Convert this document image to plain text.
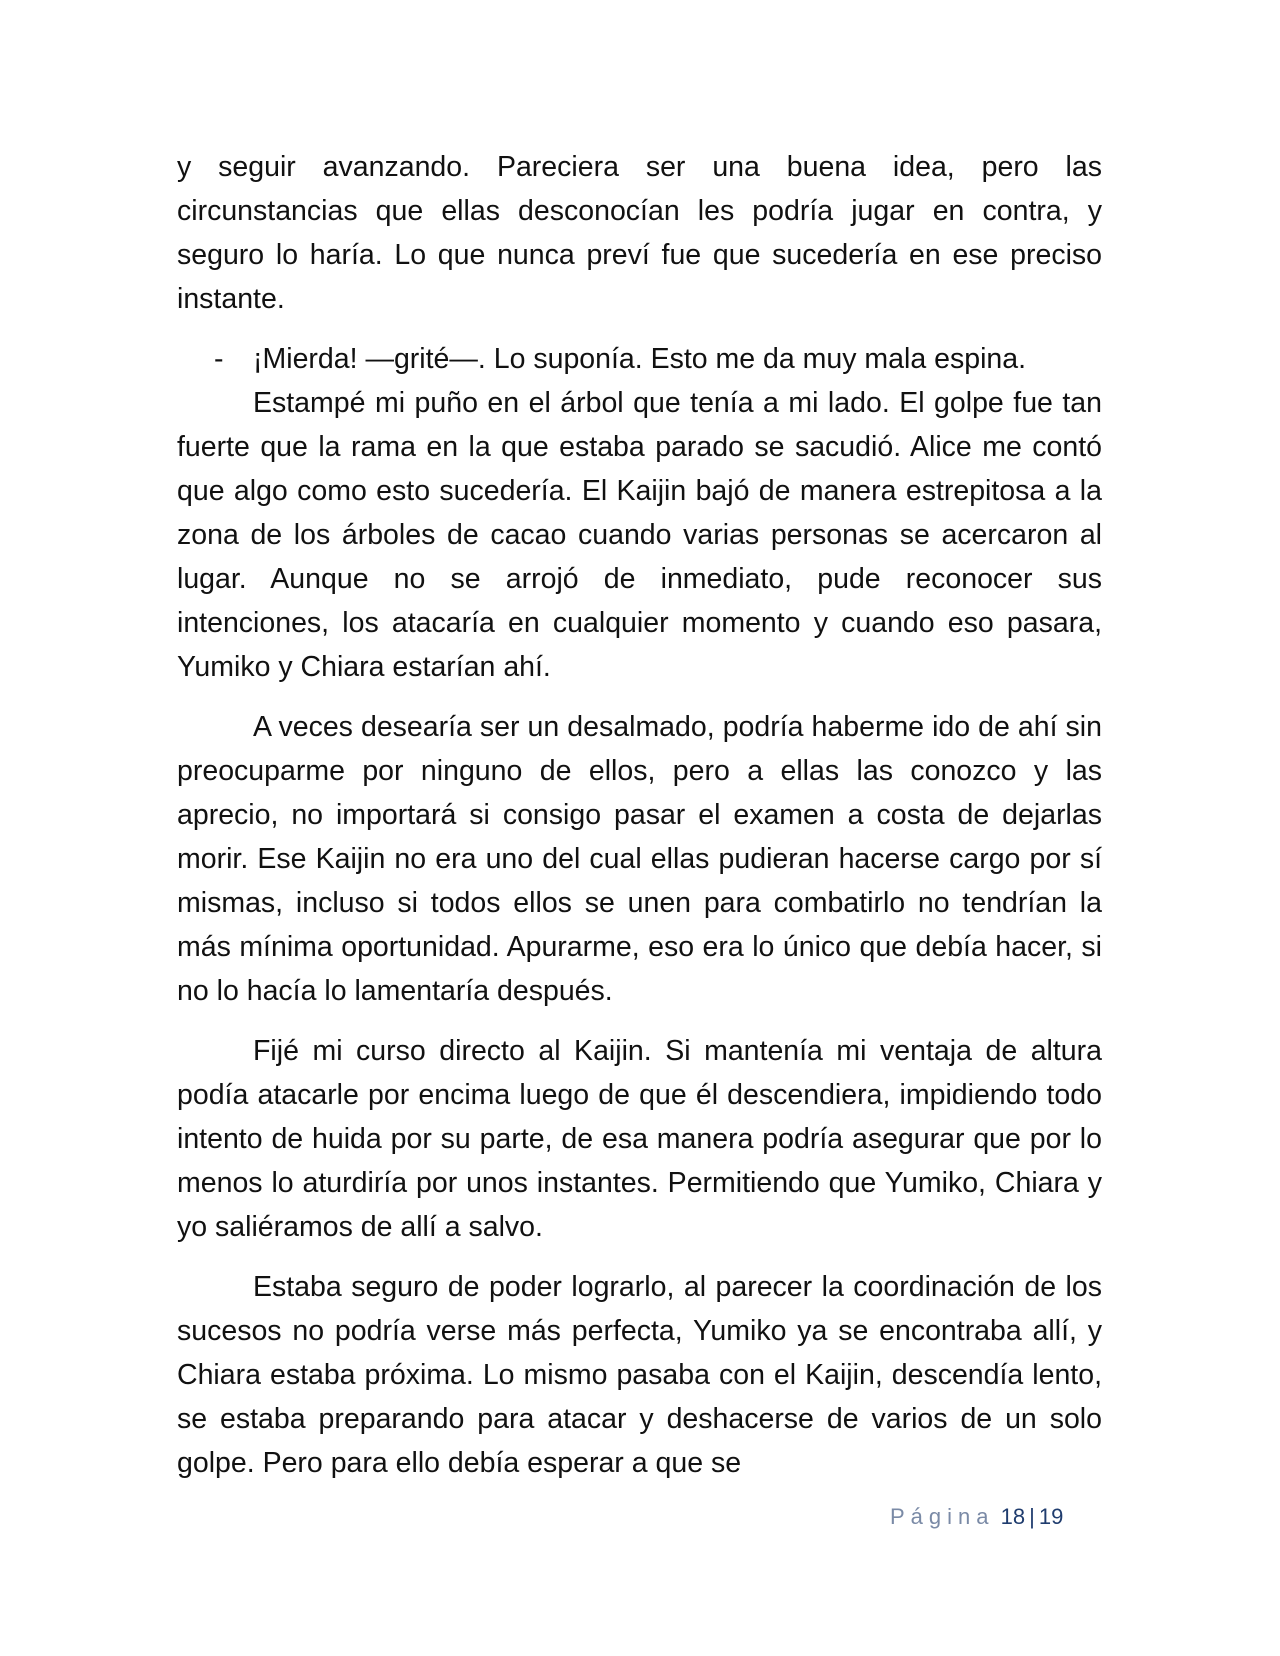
y seguir avanzando. Pareciera ser una buena idea, pero las circunstancias que ellas desconocían les podría jugar en contra, y seguro lo haría. Lo que nunca preví fue que sucedería en ese preciso instante.

- ¡Mierda! —grité—. Lo suponía. Esto me da muy mala espina.

Estampé mi puño en el árbol que tenía a mi lado. El golpe fue tan fuerte que la rama en la que estaba parado se sacudió. Alice me contó que algo como esto sucedería. El Kaijin bajó de manera estrepitosa a la zona de los árboles de cacao cuando varias personas se acercaron al lugar. Aunque no se arrojó de inmediato, pude reconocer sus intenciones, los atacaría en cualquier momento y cuando eso pasara, Yumiko y Chiara estarían ahí.

A veces desearía ser un desalmado, podría haberme ido de ahí sin preocuparme por ninguno de ellos, pero a ellas las conozco y las aprecio, no importará si consigo pasar el examen a costa de dejarlas morir. Ese Kaijin no era uno del cual ellas pudieran hacerse cargo por sí mismas, incluso si todos ellos se unen para combatirlo no tendrían la más mínima oportunidad. Apurarme, eso era lo único que debía hacer, si no lo hacía lo lamentaría después.

Fijé mi curso directo al Kaijin. Si mantenía mi ventaja de altura podía atacarle por encima luego de que él descendiera, impidiendo todo intento de huida por su parte, de esa manera podría asegurar que por lo menos lo aturdiría por unos instantes. Permitiendo que Yumiko, Chiara y yo saliéramos de allí a salvo.

Estaba seguro de poder lograrlo, al parecer la coordinación de los sucesos no podría verse más perfecta, Yumiko ya se encontraba allí, y Chiara estaba próxima. Lo mismo pasaba con el Kaijin, descendía lento, se estaba preparando para atacar y deshacerse de varios de un solo golpe. Pero para ello debía esperar a que se

Página 18 | 19
